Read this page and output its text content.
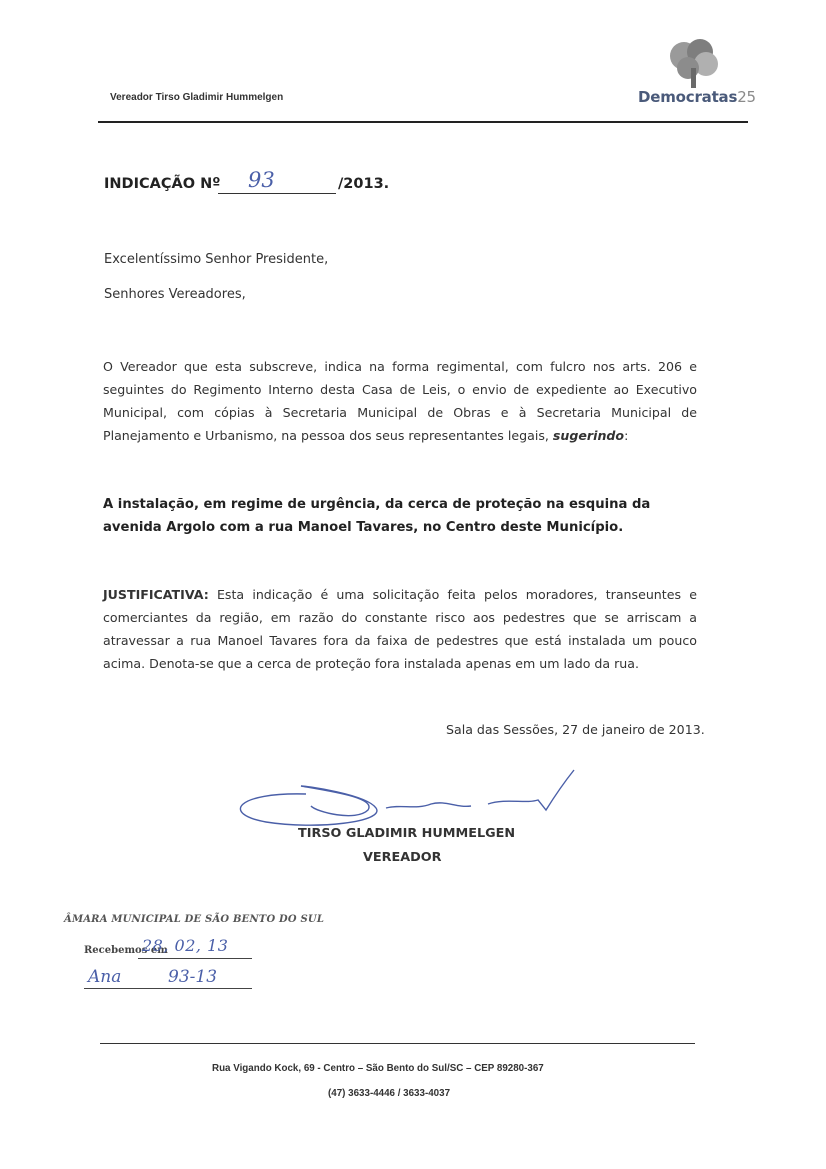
Vereador Tirso Gladimir Hummelgen	Democratas25
INDICAÇÃO Nº 93	/2013.
Excelentíssimo Senhor Presidente,
Senhores Vereadores,
O Vereador que esta subscreve, indica na forma regimental, com fulcro nos arts. 206 e seguintes do Regimento Interno desta Casa de Leis, o envio de expediente ao Executivo Municipal, com cópias à Secretaria Municipal de Obras e à Secretaria Municipal de Planejamento e Urbanismo, na pessoa dos seus representantes legais, sugerindo:
A instalação, em regime de urgência, da cerca de proteção na esquina da avenida Argolo com a rua Manoel Tavares, no Centro deste Município.
JUSTIFICATIVA: Esta indicação é uma solicitação feita pelos moradores, transeuntes e comerciantes da região, em razão do constante risco aos pedestres que se arriscam a atravessar a rua Manoel Tavares fora da faixa de pedestres que está instalada um pouco acima. Denota-se que a cerca de proteção fora instalada apenas em um lado da rua.
Sala das Sessões, 27 de janeiro de 2013.
TIRSO GLADIMIR HUMMELGEN
VEREADOR
ÂMARA MUNICIPAL DE SÃO BENTO DO SUL
Recebemos em
28, 02, 13
Ana	93-13
Rua Vigando Kock, 69 - Centro – São Bento do Sul/SC – CEP 89280-367
(47) 3633-4446 / 3633-4037
